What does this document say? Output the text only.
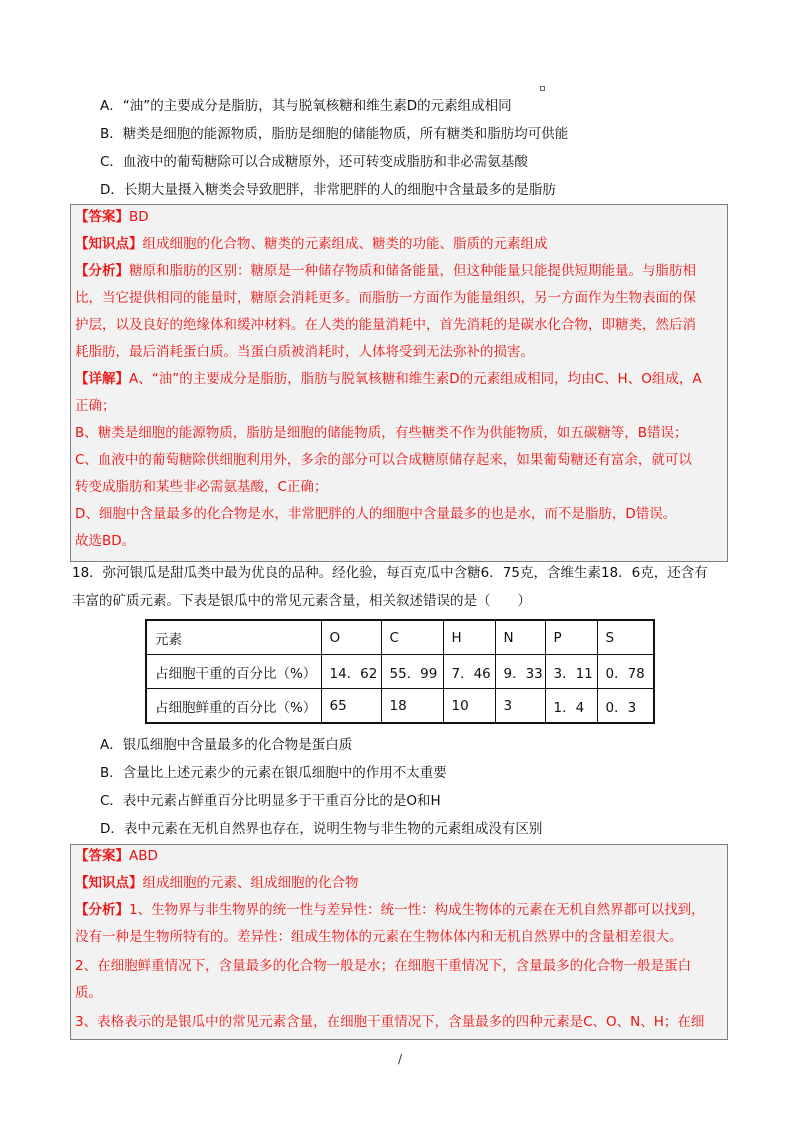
A．“油”的主要成分是脂肪，其与脱氧核糖和维生素D的元素组成相同
B．糖类是细胞的能源物质，脂肪是细胞的储能物质，所有糖类和脂肪均可供能
C．血液中的葡萄糖除可以合成糖原外，还可转变成脂肪和非必需氨基酸
D．长期大量摄入糖类会导致肥胖，非常肥胖的人的细胞中含量最多的是脂肪
【答案】BD
【知识点】组成细胞的化合物、糖类的元素组成、糖类的功能、脂质的元素组成
【分析】糖原和脂肪的区别：糖原是一种储存物质和储备能量，但这种能量只能提供短期能量。与脂肪相
比，当它提供相同的能量时，糖原会消耗更多。而脂肪一方面作为能量组织，另一方面作为生物表面的保
护层，以及良好的绝缘体和缓冲材料。在人类的能量消耗中，首先消耗的是碳水化合物，即糖类，然后消
耗脂肪，最后消耗蛋白质。当蛋白质被消耗时，人体将受到无法弥补的损害。
【详解】A、“油”的主要成分是脂肪，脂肪与脱氧核糖和维生素D的元素组成相同，均由C、H、O组成，A
正确；
B、糖类是细胞的能源物质，脂肪是细胞的储能物质，有些糖类不作为供能物质，如五碳糖等，B错误；
C、血液中的葡萄糖除供细胞利用外，多余的部分可以合成糖原储存起来，如果葡萄糖还有富余，就可以
转变成脂肪和某些非必需氨基酸，C正确；
D、细胞中含量最多的化合物是水，非常肥胖的人的细胞中含量最多的也是水，而不是脂肪，D错误。
故选BD。
18．弥河银瓜是甜瓜类中最为优良的品种。经化验，每百克瓜中含糖6．75克，含维生素18．6克，还含有
丰富的矿质元素。下表是银瓜中的常见元素含量，相关叙述错误的是（　　）
元素	O	C	H	N	P	S
占细胞干重的百分比（%）	14．62	55．99	7．46	9．33	3．11	0．78
占细胞鲜重的百分比（%）	65	18	10	3	1．4	0．3
A．银瓜细胞中含量最多的化合物是蛋白质
B．含量比上述元素少的元素在银瓜细胞中的作用不太重要
C．表中元素占鲜重百分比明显多于干重百分比的是O和H
D．表中元素在无机自然界也存在，说明生物与非生物的元素组成没有区别
【答案】ABD
【知识点】组成细胞的元素、组成细胞的化合物
【分析】1、生物界与非生物界的统一性与差异性：统一性：构成生物体的元素在无机自然界都可以找到，
没有一种是生物所特有的。差异性：组成生物体的元素在生物体体内和无机自然界中的含量相差很大。
2、在细胞鲜重情况下，含量最多的化合物一般是水；在细胞干重情况下，含量最多的化合物一般是蛋白
质。
3、表格表示的是银瓜中的常见元素含量，在细胞干重情况下，含量最多的四种元素是C、O、N、H；在细
/
